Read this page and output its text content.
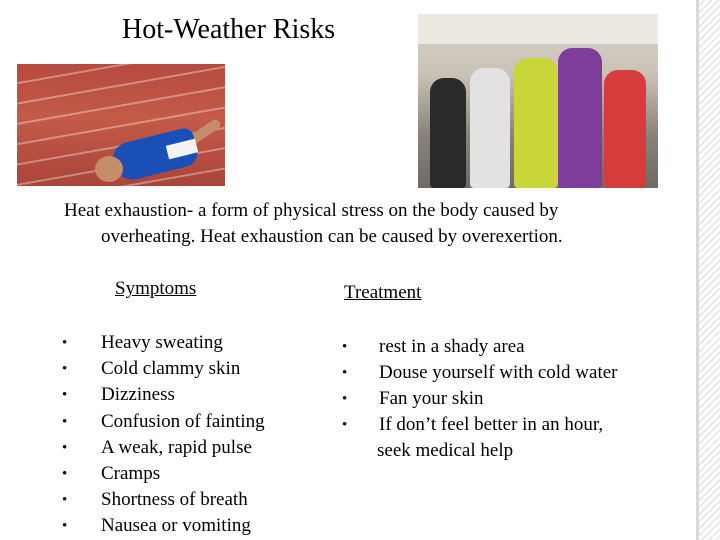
Hot-Weather Risks
Heat exhaustion- a form of physical stress on the body caused by
overheating. Heat exhaustion can be caused by overexertion.
Symptoms	Treatment
•	Heavy sweating
•	Cold clammy skin
•	Dizziness
•	Confusion of fainting
•	A weak, rapid pulse
•	Cramps
•	Shortness of breath
•	Nausea or vomiting
•	rest in a shady area
•	Douse yourself with cold water
•	Fan your skin
•	If don’t feel better in an hour,
seek medical help
